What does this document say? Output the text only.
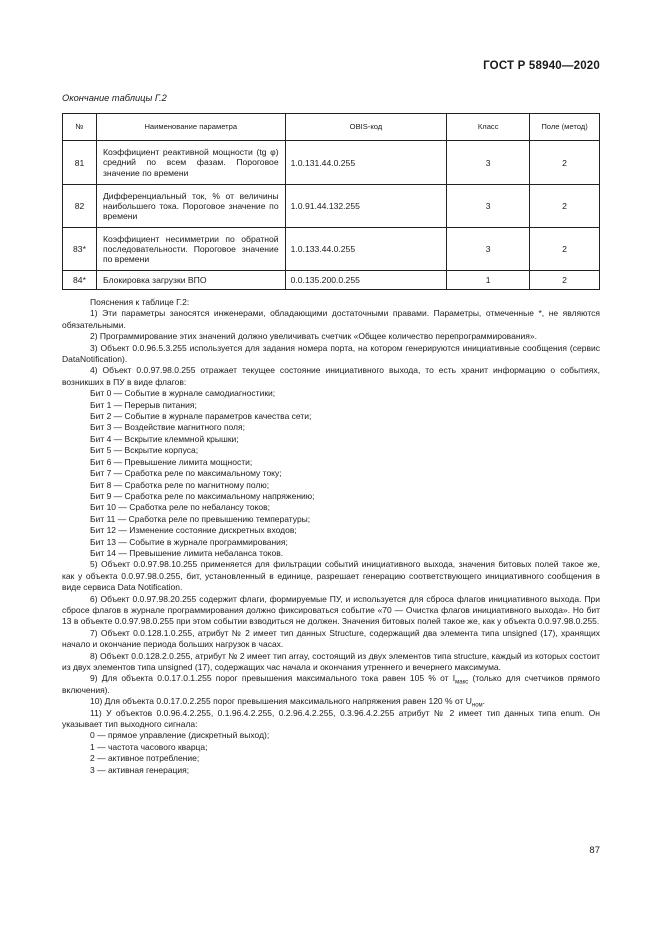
ГОСТ Р 58940—2020
Окончание таблицы Г.2
№	Наименование параметра	OBIS-код	Класс	Поле (метод)
81	Коэффициент реактивной мощности (tg φ) средний по всем фазам. Пороговое значение по времени	1.0.131.44.0.255	3	2
82	Дифференциальный ток, % от величины наибольшего тока. Пороговое значение по времени	1.0.91.44.132.255	3	2
83*	Коэффициент несимметрии по обратной последовательности. Пороговое значение по времени	1.0.133.44.0.255	3	2
84*	Блокировка загрузки ВПО	0.0.135.200.0.255	1	2

Пояснения к таблице Г.2:

1) Эти параметры заносятся инженерами, обладающими достаточными правами. Параметры, отмеченные *, не являются обязательными.

2) Программирование этих значений должно увеличивать счетчик «Общее количество перепрограммирования».

3) Объект 0.0.96.5.3.255 используется для задания номера порта, на котором генерируются инициативные сообщения (сервис DataNotification).

4) Объект 0.0.97.98.0.255 отражает текущее состояние инициативного выхода, то есть хранит информацию о событиях, возникших в ПУ в виде флагов:

Бит 0 — Событие в журнале самодиагностики;

Бит 1 — Перерыв питания;

Бит 2 — Событие в журнале параметров качества сети;

Бит 3 — Воздействие магнитного поля;

Бит 4 — Вскрытие клеммной крышки;

Бит 5 — Вскрытие корпуса;

Бит 6 — Превышение лимита мощности;

Бит 7 — Сработка реле по максимальному току;

Бит 8 — Сработка реле по магнитному полю;

Бит 9 — Сработка реле по максимальному напряжению;

Бит 10 — Сработка реле по небалансу токов;

Бит 11 — Сработка реле по превышению температуры;

Бит 12 — Изменение состояние дискретных входов;

Бит 13 — Событие в журнале программирования;

Бит 14 — Превышение лимита небаланса токов.

5) Объект 0.0.97.98.10.255 применяется для фильтрации событий инициативного выхода, значения битовых полей такое же, как у объекта 0.0.97.98.0.255, бит, установленный в единице, разрешает генерацию соответствующего инициативного сообщения в виде сервиса Data Notification.

6) Объект 0.0.97.98.20.255 содержит флаги, формируемые ПУ, и используется для сброса флагов инициативного выхода. При сбросе флагов в журнале программирования должно фиксироваться событие «70 — Очистка флагов инициативного выхода». Но бит 13 в объекте 0.0.97.98.0.255 при этом событии взводиться не должен. Значения битовых полей такое же, как у объекта 0.0.97.98.0.255.

7) Объект 0.0.128.1.0.255, атрибут № 2 имеет тип данных Structure, содержащий два элемента типа unsigned (17), хранящих начало и окончание периода больших нагрузок в часах.

8) Объект 0.0.128.2.0.255, атрибут № 2 имеет тип array, состоящий из двух элементов типа structure, каждый из которых состоит из двух элементов типа unsigned (17), содержащих час начала и окончания утреннего и вечернего максимума.

9) Для объекта 0.0.17.0.1.255 порог превышения максимального тока равен 105 % от $I_{макс}$ (только для счетчиков прямого включения).

10) Для объекта 0.0.17.0.2.255 порог превышения максимального напряжения равен 120 % от $U_{ном}$.

11) У объектов 0.0.96.4.2.255, 0.1.96.4.2.255, 0.2.96.4.2.255, 0.3.96.4.2.255 атрибут № 2 имеет тип данных типа enum. Он указывает тип выходного сигнала:

0 — прямое управление (дискретный выход);

1 — частота часового кварца;

2 — активное потребление;

3 — активная генерация;

87
